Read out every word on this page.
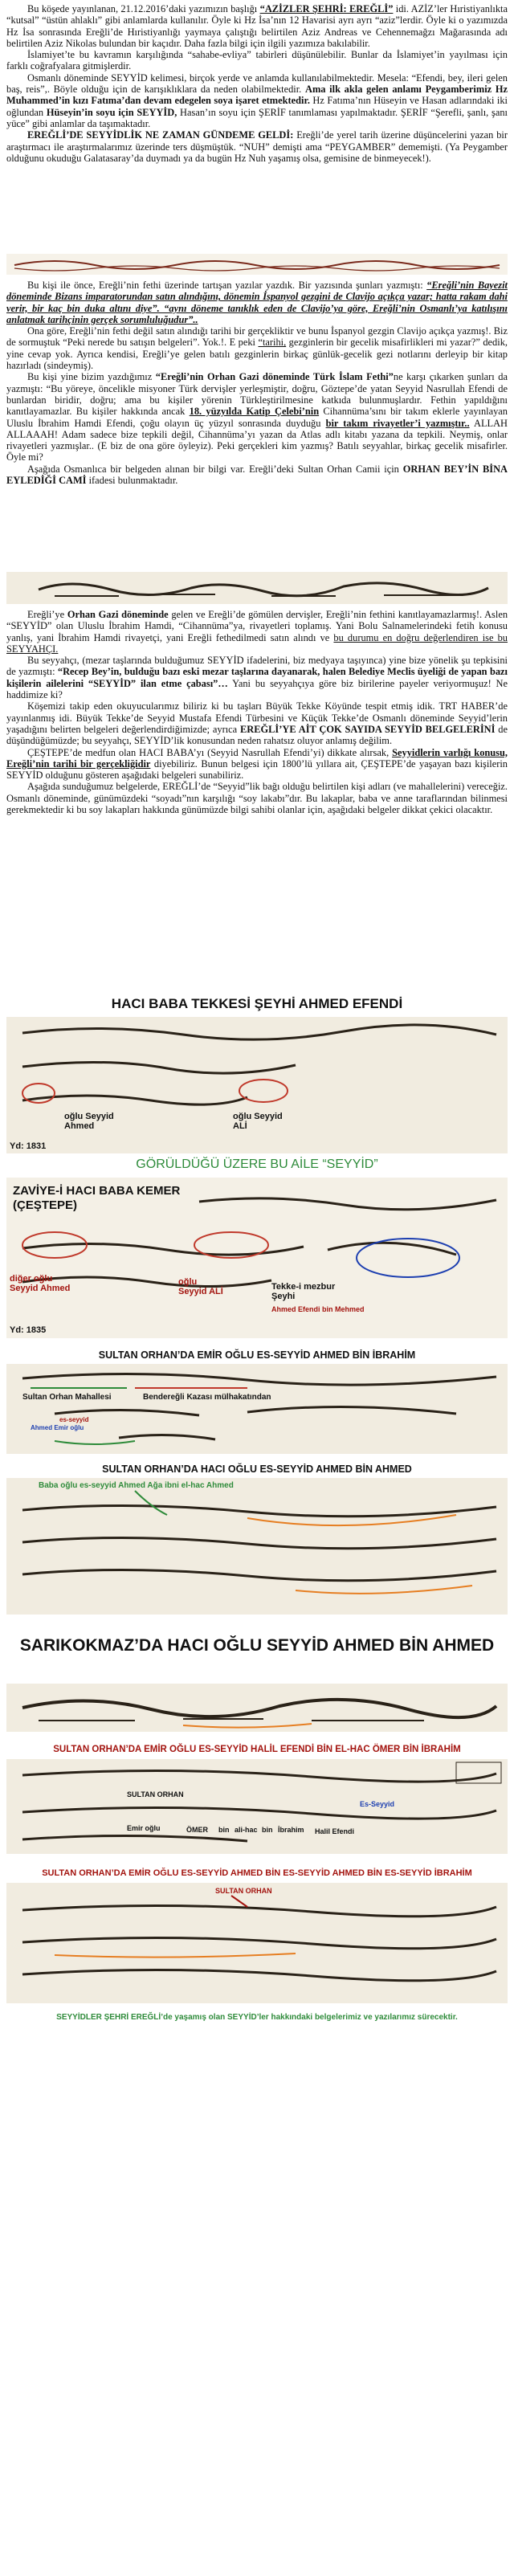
Bu köşede yayınlanan, 21.12.2016’daki yazımızın başlığı “AZİZLER ŞEHRİ: EREĞLİ” idi. AZİZ’ler Hıristiyanlıkta “kutsal” “üstün ahlaklı” gibi anlamlarda kullanılır. Öyle ki Hz İsa’nın 12 Havarisi ayrı ayrı “aziz”lerdir. Öyle ki o yazımızda Hz İsa sonrasında Ereğli’de Hıristiyanlığı yaymaya çalıştığı belirtilen Aziz Andreas ve Cehennemağzı Mağarasında adı belirtilen Aziz Nikolas bulundan bir kaçıdır. Daha fazla bilgi için ilgili yazımıza bakılabilir.

İslamiyet’te bu kavramın karşılığında “sahabe-evliya” tabirleri düşünülebilir. Bunlar da İslamiyet’in yayılması için farklı coğrafyalara gitmişlerdir.

Osmanlı döneminde SEYYİD kelimesi, birçok yerde ve anlamda kullanılabilmektedir. Mesela: “Efendi, bey, ileri gelen baş, reis”,. Böyle olduğu için de karışıklıklara da neden olabilmektedir. Ama ilk akla gelen anlamı Peygamberimiz Hz Muhammed’in kızı Fatıma’dan devam edegelen soya işaret etmektedir. Hz Fatıma’nın Hüseyin ve Hasan adlarındaki iki oğlundan Hüseyin’in soyu için SEYYİD, Hasan’ın soyu için ŞERİF tanımlaması yapılmaktadır. ŞERİF “Şerefli, şanlı, şanı yüce” gibi anlamlar da taşımaktadır.

EREĞLİ’DE SEYYİDLİK NE ZAMAN GÜNDEME GELDİ: Ereğli’de yerel tarih üzerine düşüncelerini yazan bir araştırmacı ile araştırmalarımız üzerinde ters düşmüştük. “NUH” demişti ama “PEYGAMBER” dememişti. (Ya Peygamber olduğunu okuduğu Galatasaray’da duymadı ya da bugün Hz Nuh yaşamış olsa, gemisine de binmeyecek!).

Bu kişi ile önce, Ereğli’nin fethi üzerinde tartışan yazılar yazdık. Bir yazısında şunları yazmıştı: “Ereğli’nin Bayezit döneminde Bizans imparatorundan satın alındığını, dönemin İspanyol gezgini de Clavijo açıkça yazar; hatta rakam dahi verir, bir kaç bin duka altını diye”. “aynı döneme tanıklık eden de Clavijo’ya göre, Ereğli’nin Osmanlı’ya katılışını anlatmak tarihçinin gerçek sorumluluğudur”..

Ona göre, Ereğli’nin fethi değil satın alındığı tarihi bir gerçekliktir ve bunu İspanyol gezgin Clavijo açıkça yazmış!. Biz de sormuştuk “Peki nerede bu satışın belgeleri”. Yok.!. E peki “tarihi, gezginlerin bir gecelik misafirlikleri mi yazar?” dedik, yine cevap yok. Ayrıca kendisi, Ereğli’ye gelen batılı gezginlerin birkaç günlük-gecelik gezi notlarını derleyip bir kitap hazırladı (sindeymiş).

Bu kişi yine bizim yazdığımız “Ereğli’nin Orhan Gazi döneminde Türk İslam Fethi”ne karşı çıkarken şunları da yazmıştı: “Bu yöreye, öncelikle misyoner Türk dervişler yerleşmiştir, doğru, Göztepe’de yatan Seyyid Nasrullah Efendi de bunlardan biridir, doğru; ama bu kişiler yörenin Türkleştirilmesine katkıda bulunmuşlardır. Fethin yapıldığını kanıtlayamazlar. Bu kişiler hakkında ancak 18. yüzyılda Katip Çelebi’nin Cihannüma’sını bir takım eklerle yayınlayan Uluslu İbrahim Hamdi Efendi, çoğu olayın üç yüzyıl sonrasında duyduğu bir takım rivayetler’i yazmıştır.. ALLAH ALLAAAH! Adam sadece bize tepkili değil, Cihannüma’yı yazan da Atlas adlı kitabı yazana da tepkili. Neymiş, onlar rivayetleri yazmışlar.. (E biz de ona göre öyleyiz). Peki gerçekleri kim yazmış? Batılı seyyahlar, birkaç gecelik misafirler. Öyle mi?

Aşağıda Osmanlıca bir belgeden alınan bir bilgi var. Ereğli’deki Sultan Orhan Camii için ORHAN BEY’İN BİNA EYLEDİĞİ CAMİ ifadesi bulunmaktadır.

Ereğli’ye Orhan Gazi döneminde gelen ve Ereğli’de gömülen dervişler, Ereğli’nin fethini kanıtlayamazlarmış!. Aslen “SEYYİD” olan Uluslu İbrahim Hamdi, “Cihannüma”ya, rivayetleri toplamış. Yani Bolu Salnamelerindeki fetih konusu yanlış, yani İbrahim Hamdi rivayetçi, yani Ereğli fethedilmedi satın alındı ve bu durumu en doğru değerlendiren ise bu SEYYAHÇI.

Bu seyyahçı, (mezar taşlarında bulduğumuz SEYYİD ifadelerini, biz medyaya taşıyınca) yine bize yönelik şu tepkisini de yazmıştı: “Recep Bey’in, bulduğu bazı eski mezar taşlarına dayanarak, halen Belediye Meclis üyeliği de yapan bazı kişilerin ailelerini “SEYYİD” ilan etme çabası”… Yani bu seyyahçıya göre biz birilerine payeler veriyormuşuz! Ne haddimize ki?

Köşemizi takip eden okuyucularımız biliriz ki bu taşları Büyük Tekke Köyünde tespit etmiş idik. TRT HABER’de yayınlanmış idi. Büyük Tekke’de Seyyid Mustafa Efendi Türbesini ve Küçük Tekke’de Osmanlı döneminde Seyyid’lerin yaşadığını belirten belgeleri değerlendirdiğimizde; ayrıca EREĞLİ’YE AİT ÇOK SAYIDA SEYYİD BELGELERİNİ de düşündüğümüzde; bu seyyahçı, SEYYİD’lik konusundan neden rahatsız oluyor anlamış değilim.

ÇEŞTEPE’de medfun olan HACI BABA’yı (Seyyid Nasrullah Efendi’yi) dikkate alırsak, Seyyidlerin varlığı konusu, Ereğli’nin tarihi bir gerçekliğidir diyebiliriz. Bunun belgesi için 1800’lü yıllara ait, ÇEŞTEPE’de yaşayan bazı kişilerin SEYYİD olduğunu gösteren aşağıdaki belgeleri sunabiliriz.

Aşağıda sunduğumuz belgelerde, EREĞLİ’de “Seyyid”lik bağı olduğu belirtilen kişi adları (ve mahallelerini) vereceğiz. Osmanlı döneminde, günümüzdeki “soyadı”nın karşılığı “soy lakabı”dır. Bu lakaplar, baba ve anne taraflarından bilinmesi gerekmektedir ki bu soy lakapları hakkında günümüzde bilgi sahibi olanlar için, aşağıdaki belgeler dikkat çekici olacaktır.

HACI BABA TEKKESİ ŞEYHİ AHMED EFENDİ
oğlu Seyyid Ahmed
oğlu Seyyid ALİ
Yd: 1831
GÖRÜLDÜĞÜ ÜZERE BU AİLE “SEYYİD”
ZAVİYE-İ HACI BABA KEMER (ÇEŞTEPE)
diğer oğlu Seyyid Ahmed
oğlu Seyyid ALİ	Tekke-i mezbur Şeyhi
Ahmed Efendi bin Mehmed
Yd: 1835
SULTAN ORHAN’DA EMİR OĞLU ES-SEYYİD AHMED BİN İBRAHİM
Sultan Orhan Mahallesi	Bendereğli Kazası mülhakatından
Ahmed Emir oğlu
es-seyyid
SULTAN ORHAN’DA HACI OĞLU ES-SEYYİD AHMED BİN AHMED
Baba oğlu es-seyyid Ahmed Ağa ibni el-hac Ahmed
SARIKOKMAZ’DA HACI OĞLU SEYYİD AHMED BİN AHMED
SULTAN ORHAN’DA EMİR OĞLU ES-SEYYİD HALİL EFENDİ BİN EL-HAC ÖMER BİN İBRAHİM
SULTAN ORHAN
Emir oğlu	ÖMER bin ali-hac bin İbrahim Halil Efendi
Es-Seyyid
SULTAN ORHAN’DA EMİR OĞLU ES-SEYYİD AHMED BİN ES-SEYYİD AHMED BİN ES-SEYYİD İBRAHİM
SULTAN ORHAN
SEYYİDLER ŞEHRİ EREĞLİ’de yaşamış olan SEYYİD’ler hakkındaki belgelerimiz ve yazılarımız sürecektir.
